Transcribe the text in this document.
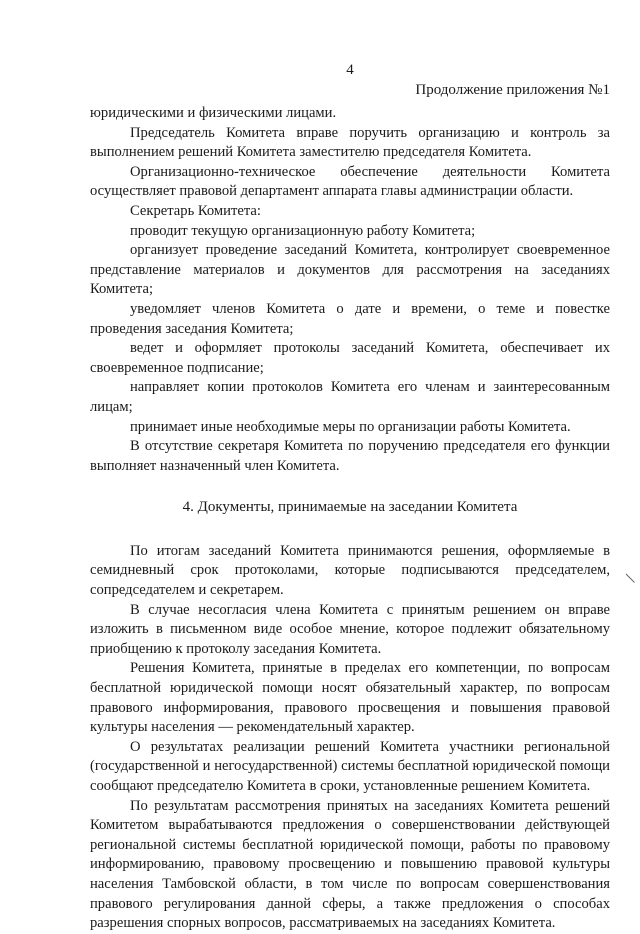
4
Продолжение приложения №1

юридическими и физическими лицами.

Председатель Комитета вправе поручить организацию и контроль за выполнением решений Комитета заместителю председателя Комитета.

Организационно-техническое обеспечение деятельности Комитета осуществляет правовой департамент аппарата главы администрации области.

Секретарь Комитета:

проводит текущую организационную работу Комитета;

организует проведение заседаний Комитета, контролирует своевременное представление материалов и документов для рассмотрения на заседаниях Комитета;

уведомляет членов Комитета о дате и времени, о теме и повестке проведения заседания Комитета;

ведет и оформляет протоколы заседаний Комитета, обеспечивает их своевременное подписание;

направляет копии протоколов Комитета его членам и заинтересованным лицам;

принимает иные необходимые меры по организации работы Комитета.

В отсутствие секретаря Комитета по поручению председателя его функции выполняет назначенный член Комитета.

4. Документы, принимаемые на заседании Комитета

По итогам заседаний Комитета принимаются решения, оформляемые в семидневный срок протоколами, которые подписываются председателем, сопредседателем и секретарем.

В случае несогласия члена Комитета с принятым решением он вправе изложить в письменном виде особое мнение, которое подлежит обязательному приобщению к протоколу заседания Комитета.

Решения Комитета, принятые в пределах его компетенции, по вопросам бесплатной юридической помощи носят обязательный характер, по вопросам правового информирования, правового просвещения и повышения правовой культуры населения — рекомендательный характер.

О результатах реализации решений Комитета участники региональной (государственной и негосударственной) системы бесплатной юридической помощи сообщают председателю Комитета в сроки, установленные решением Комитета.

По результатам рассмотрения принятых на заседаниях Комитета решений Комитетом вырабатываются предложения о совершенствовании действующей региональной системы бесплатной юридической помощи, работы по правовому информированию, правовому просвещению и повышению правовой культуры населения Тамбовской области, в том числе по вопросам совершенствования правового регулирования данной сферы, а также предложения о способах разрешения спорных вопросов, рассматриваемых на заседаниях Комитета.
